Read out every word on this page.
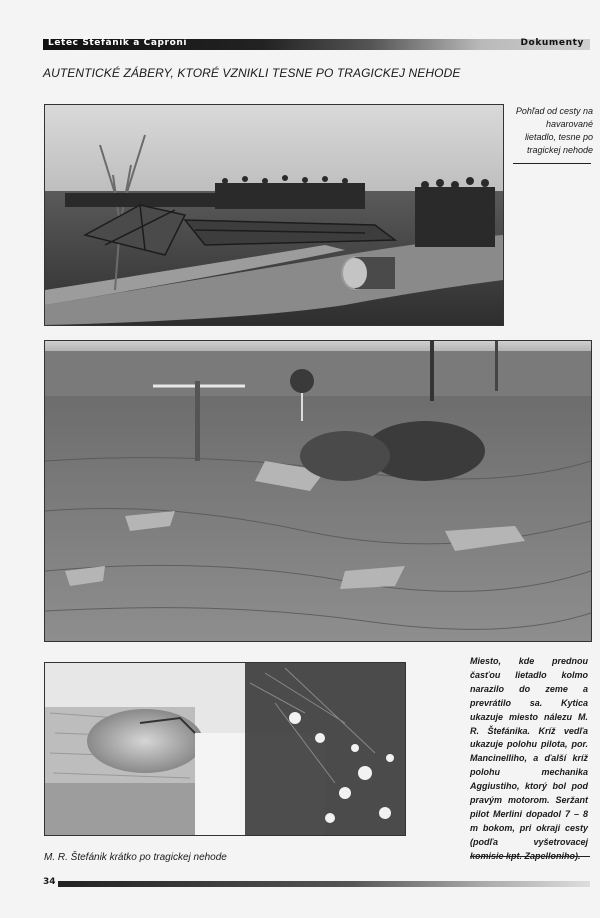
Letec Štefánik a Caproni	Dokumenty
AUTENTICKÉ ZÁBERY, KTORÉ VZNIKLI TESNE PO TRAGICKEJ NEHODE
Pohľad od cesty na havarované lietadlo, tesne po tragickej nehode
Miesto, kde prednou časťou lietadlo kolmo narazilo do zeme a prevrátilo sa. Kytica ukazuje miesto nálezu M. R. Štefánika. Kríž vedľa ukazuje polohu pilota, por. Mancinelliho, a ďalší kríž polohu mechanika Aggiustiho, ktorý bol pod pravým motorom. Seržant pilot Merlini dopadol 7 – 8 m bokom, pri okraji cesty (podľa vyšetrovacej
M. R. Štefánik krátko po tragickej nehode
34
